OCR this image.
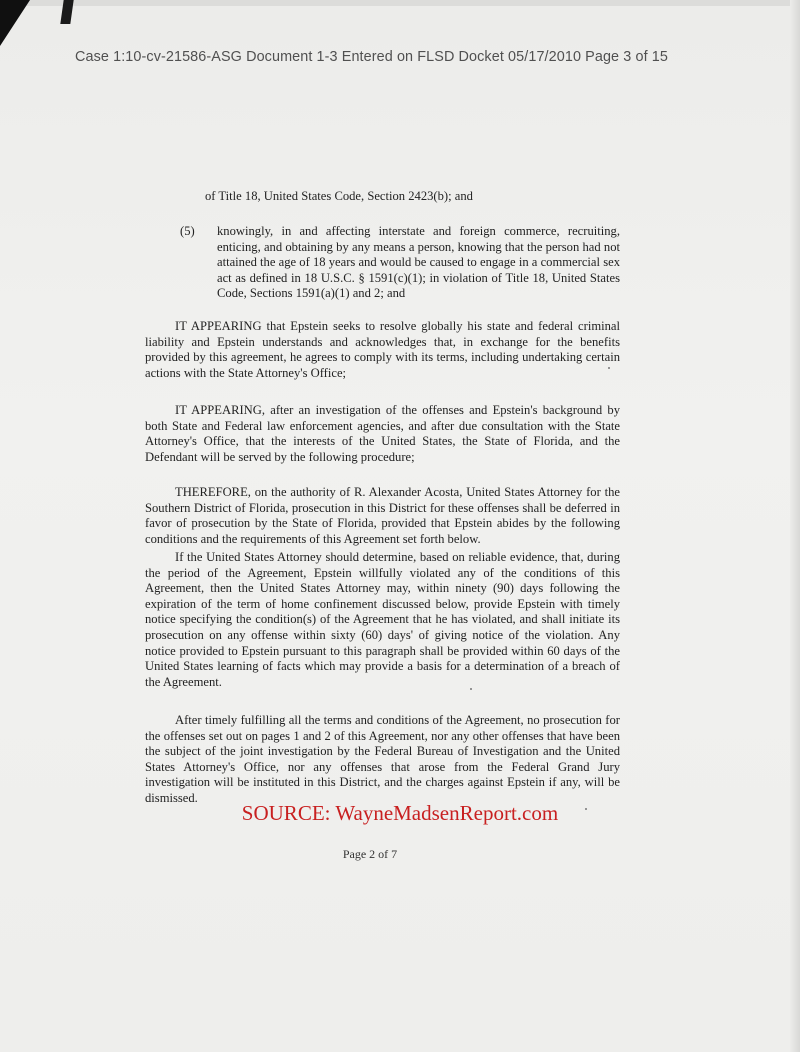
Case 1:10-cv-21586-ASG Document 1-3 Entered on FLSD Docket 05/17/2010 Page 3 of 15
of Title 18, United States Code, Section 2423(b); and
(5) knowingly, in and affecting interstate and foreign commerce, recruiting, enticing, and obtaining by any means a person, knowing that the person had not attained the age of 18 years and would be caused to engage in a commercial sex act as defined in 18 U.S.C. § 1591(c)(1); in violation of Title 18, United States Code, Sections 1591(a)(1) and 2; and
IT APPEARING that Epstein seeks to resolve globally his state and federal criminal liability and Epstein understands and acknowledges that, in exchange for the benefits provided by this agreement, he agrees to comply with its terms, including undertaking certain actions with the State Attorney's Office;
IT APPEARING, after an investigation of the offenses and Epstein's background by both State and Federal law enforcement agencies, and after due consultation with the State Attorney's Office, that the interests of the United States, the State of Florida, and the Defendant will be served by the following procedure;
THEREFORE, on the authority of R. Alexander Acosta, United States Attorney for the Southern District of Florida, prosecution in this District for these offenses shall be deferred in favor of prosecution by the State of Florida, provided that Epstein abides by the following conditions and the requirements of this Agreement set forth below.
If the United States Attorney should determine, based on reliable evidence, that, during the period of the Agreement, Epstein willfully violated any of the conditions of this Agreement, then the United States Attorney may, within ninety (90) days following the expiration of the term of home confinement discussed below, provide Epstein with timely notice specifying the condition(s) of the Agreement that he has violated, and shall initiate its prosecution on any offense within sixty (60) days' of giving notice of the violation. Any notice provided to Epstein pursuant to this paragraph shall be provided within 60 days of the United States learning of facts which may provide a basis for a determination of a breach of the Agreement.
After timely fulfilling all the terms and conditions of the Agreement, no prosecution for the offenses set out on pages 1 and 2 of this Agreement, nor any other offenses that have been the subject of the joint investigation by the Federal Bureau of Investigation and the United States Attorney's Office, nor any offenses that arose from the Federal Grand Jury investigation will be instituted in this District, and the charges against Epstein if any, will be dismissed.
SOURCE: WayneMadsenReport.com
Page 2 of 7
